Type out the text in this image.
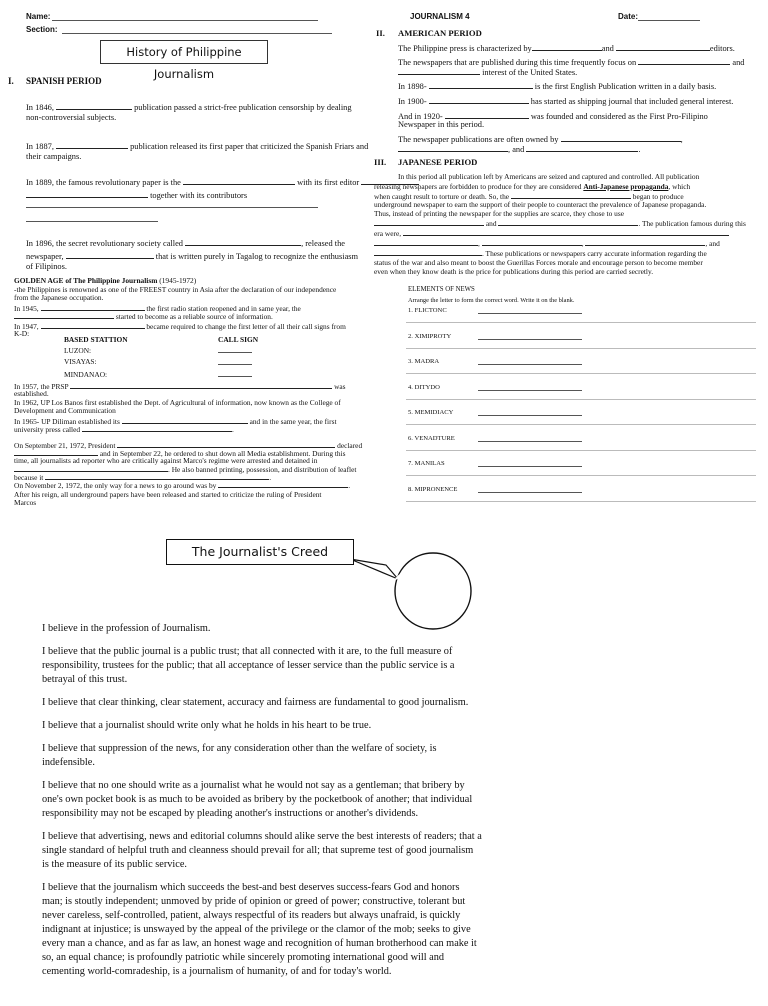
Name:
Section:
JOURNALISM 4	Date:
History of Philippine Journalism
I. SPANISH PERIOD
In 1846,	publication passed a strict-free publication censorship by dealing
non-controversial subjects.
In 1887,	publication released its first paper that criticized the Spanish Friars and
their campaigns.
In 1889, the famous revolutionary paper is the	with its first editor
together with its contributors
In 1896, the secret revolutionary society called	, released the
newspaper,	that is written purely in Tagalog to recognize the enthusiasm
of Filipinos.
II. AMERICAN PERIOD
The Philippine press is characterized by	and	editors.
The newspapers that are published during this time frequently focus on	and
interest of the United States.
In 1898-	is the first English Publication written in a daily basis.
In 1900-	has started as shipping journal that included general interest.
And in 1920-	was founded and considered as the First Pro-Filipino
Newspaper in this period.
The newspaper publications are often owned by	,
, and	.
III. JAPANESE PERIOD
In this period all publication left by Americans are seized and captured and controlled. All publication
releasing newspapers are forbidden to produce for they are considered Anti-Japanese propaganda, which
when caught result to torture or death. So, the	began to produce
underground newspaper to earn the support of their people to counteract the prevalence of Japanese propaganda.
Thus, instead of printing the newspaper for the supplies are scarce, they chose to use
and	. The publication famous during this
era were,
,	,	, and
. These publications or newspapers carry accurate information regarding the
status of the war and also meant to boost the Guerillas Forces morale and encourage person to become member
even when they know death is the price for publications during this period are carried secretly.
GOLDEN AGE of The Philippine Journalism (1945-1972)
-the Philippines is renowned as one of the FREEST country in Asia after the declaration of our independence
from the Japanese occupation.
In 1945,	the first radio station reopened and in same year, the
started to become as a reliable source of information.
In 1947,	became required to change the first letter of all their call signs from
K-D:
BASED STATTION	CALL SIGN
LUZON:
VISAYAS:
MINDANAO:
In 1957, the PRSP	was
established.
In 1962, UP Los Banos first established the Dept. of Agricultural of information, now known as the College of
Development and Communication
In 1965- UP Diliman established its	and in the same year, the first
university press called	.
On September 21, 1972, President	declared
and in September 22, he ordered to shut down all Media establishment. During this
time, all journalists ad reporter who are critically against Marco's regime were arrested and detained in
. He also banned printing, possession, and distribution of leaflet
because it	.
On November 2, 1972, the only way for a news to go around was by	.
After his reign, all underground papers have been released and started to criticize the ruling of President
Marcos
ELEMENTS OF NEWS
Arrange the letter to form the correct word. Write it on the blank.
1. FLICTONC
2. XIMIPROTY
3. MADRA
4. DITYDO
5. MEMIDIACY
6. VENADTURE
7. MANILAS
8. MIPRONENCE
The Journalist's Creed

I believe in the profession of Journalism.

I believe that the public journal is a public trust; that all connected with it are, to the full measure of responsibility, trustees for the public; that all acceptance of lesser service than the public service is a betrayal of this trust.

I believe that clear thinking, clear statement, accuracy and fairness are fundamental to good journalism.

I believe that a journalist should write only what he holds in his heart to be true.

I believe that suppression of the news, for any consideration other than the welfare of society, is indefensible.

I believe that no one should write as a journalist what he would not say as a gentleman; that bribery by one's own pocket book is as much to be avoided as bribery by the pocketbook of another; that individual responsibility may not be escaped by pleading another's instructions or another's dividends.

I believe that advertising, news and editorial columns should alike serve the best interests of readers; that a single standard of helpful truth and cleanness should prevail for all; that supreme test of good journalism is the measure of its public service.

I believe that the journalism which succeeds the best-and best deserves success-fears God and honors man; is stoutly independent; unmoved by pride of opinion or greed of power; constructive, tolerant but never careless, self-controlled, patient, always respectful of its readers but always unafraid, is quickly indignant at injustice; is unswayed by the appeal of the privilege or the clamor of the mob; seeks to give every man a chance, and as far as law, an honest wage and recognition of human brotherhood can make it so, an equal chance; is profoundly patriotic while sincerely promoting international good will and cementing world-comradeship, is a journalism of humanity, of and for today's world.
